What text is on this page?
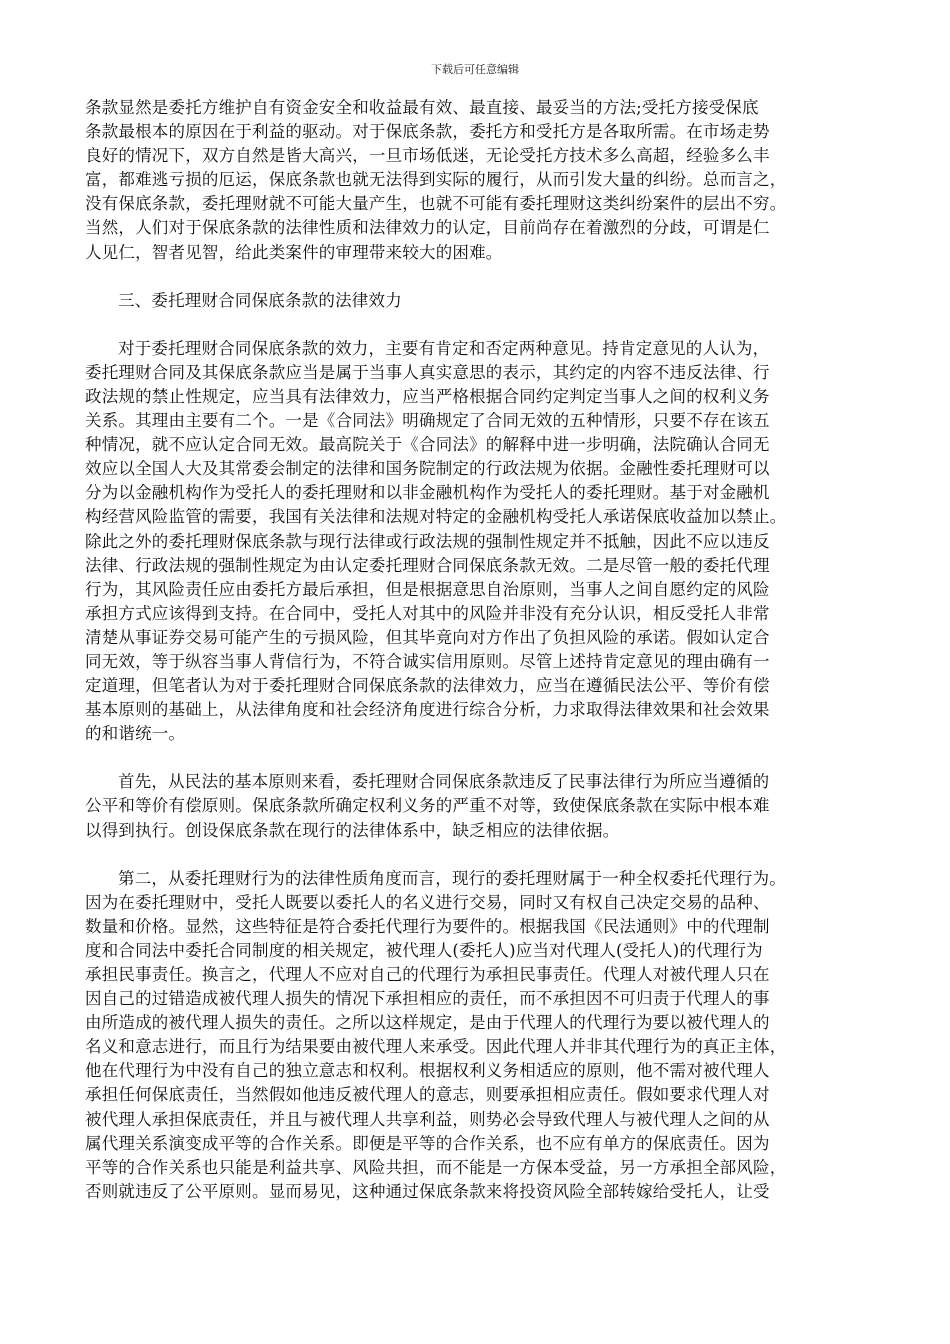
下载后可任意编辑

条款显然是委托方维护自有资金安全和收益最有效、最直接、最妥当的方法;受托方接受保底
条款最根本的原因在于利益的驱动。对于保底条款，委托方和受托方是各取所需。在市场走势
良好的情况下，双方自然是皆大高兴，一旦市场低迷，无论受托方技术多么高超，经验多么丰
富，都难逃亏损的厄运，保底条款也就无法得到实际的履行，从而引发大量的纠纷。总而言之，
没有保底条款，委托理财就不可能大量产生，也就不可能有委托理财这类纠纷案件的层出不穷。
当然，人们对于保底条款的法律性质和法律效力的认定，目前尚存在着激烈的分歧，可谓是仁
人见仁，智者见智，给此类案件的审理带来较大的困难。

三、委托理财合同保底条款的法律效力

对于委托理财合同保底条款的效力，主要有肯定和否定两种意见。持肯定意见的人认为，
委托理财合同及其保底条款应当是属于当事人真实意思的表示，其约定的内容不违反法律、行
政法规的禁止性规定，应当具有法律效力，应当严格根据合同约定判定当事人之间的权利义务
关系。其理由主要有二个。一是《合同法》明确规定了合同无效的五种情形，只要不存在该五
种情况，就不应认定合同无效。最高院关于《合同法》的解释中进一步明确，法院确认合同无
效应以全国人大及其常委会制定的法律和国务院制定的行政法规为依据。金融性委托理财可以
分为以金融机构作为受托人的委托理财和以非金融机构作为受托人的委托理财。基于对金融机
构经营风险监管的需要，我国有关法律和法规对特定的金融机构受托人承诺保底收益加以禁止。
除此之外的委托理财保底条款与现行法律或行政法规的强制性规定并不抵触，因此不应以违反
法律、行政法规的强制性规定为由认定委托理财合同保底条款无效。二是尽管一般的委托代理
行为，其风险责任应由委托方最后承担，但是根据意思自治原则，当事人之间自愿约定的风险
承担方式应该得到支持。在合同中，受托人对其中的风险并非没有充分认识，相反受托人非常
清楚从事证券交易可能产生的亏损风险，但其毕竟向对方作出了负担风险的承诺。假如认定合
同无效，等于纵容当事人背信行为，不符合诚实信用原则。尽管上述持肯定意见的理由确有一
定道理，但笔者认为对于委托理财合同保底条款的法律效力，应当在遵循民法公平、等价有偿
基本原则的基础上，从法律角度和社会经济角度进行综合分析，力求取得法律效果和社会效果
的和谐统一。

首先，从民法的基本原则来看，委托理财合同保底条款违反了民事法律行为所应当遵循的
公平和等价有偿原则。保底条款所确定权利义务的严重不对等，致使保底条款在实际中根本难
以得到执行。创设保底条款在现行的法律体系中，缺乏相应的法律依据。

第二，从委托理财行为的法律性质角度而言，现行的委托理财属于一种全权委托代理行为。
因为在委托理财中，受托人既要以委托人的名义进行交易，同时又有权自己决定交易的品种、
数量和价格。显然，这些特征是符合委托代理行为要件的。根据我国《民法通则》中的代理制
度和合同法中委托合同制度的相关规定，被代理人(委托人)应当对代理人(受托人)的代理行为
承担民事责任。换言之，代理人不应对自己的代理行为承担民事责任。代理人对被代理人只在
因自己的过错造成被代理人损失的情况下承担相应的责任，而不承担因不可归责于代理人的事
由所造成的被代理人损失的责任。之所以这样规定，是由于代理人的代理行为要以被代理人的
名义和意志进行，而且行为结果要由被代理人来承受。因此代理人并非其代理行为的真正主体，
他在代理行为中没有自己的独立意志和权利。根据权利义务相适应的原则，他不需对被代理人
承担任何保底责任，当然假如他违反被代理人的意志，则要承担相应责任。假如要求代理人对
被代理人承担保底责任，并且与被代理人共享利益，则势必会导致代理人与被代理人之间的从
属代理关系演变成平等的合作关系。即便是平等的合作关系，也不应有单方的保底责任。因为
平等的合作关系也只能是利益共享、风险共担，而不能是一方保本受益，另一方承担全部风险，
否则就违反了公平原则。显而易见，这种通过保底条款来将投资风险全部转嫁给受托人，让受
